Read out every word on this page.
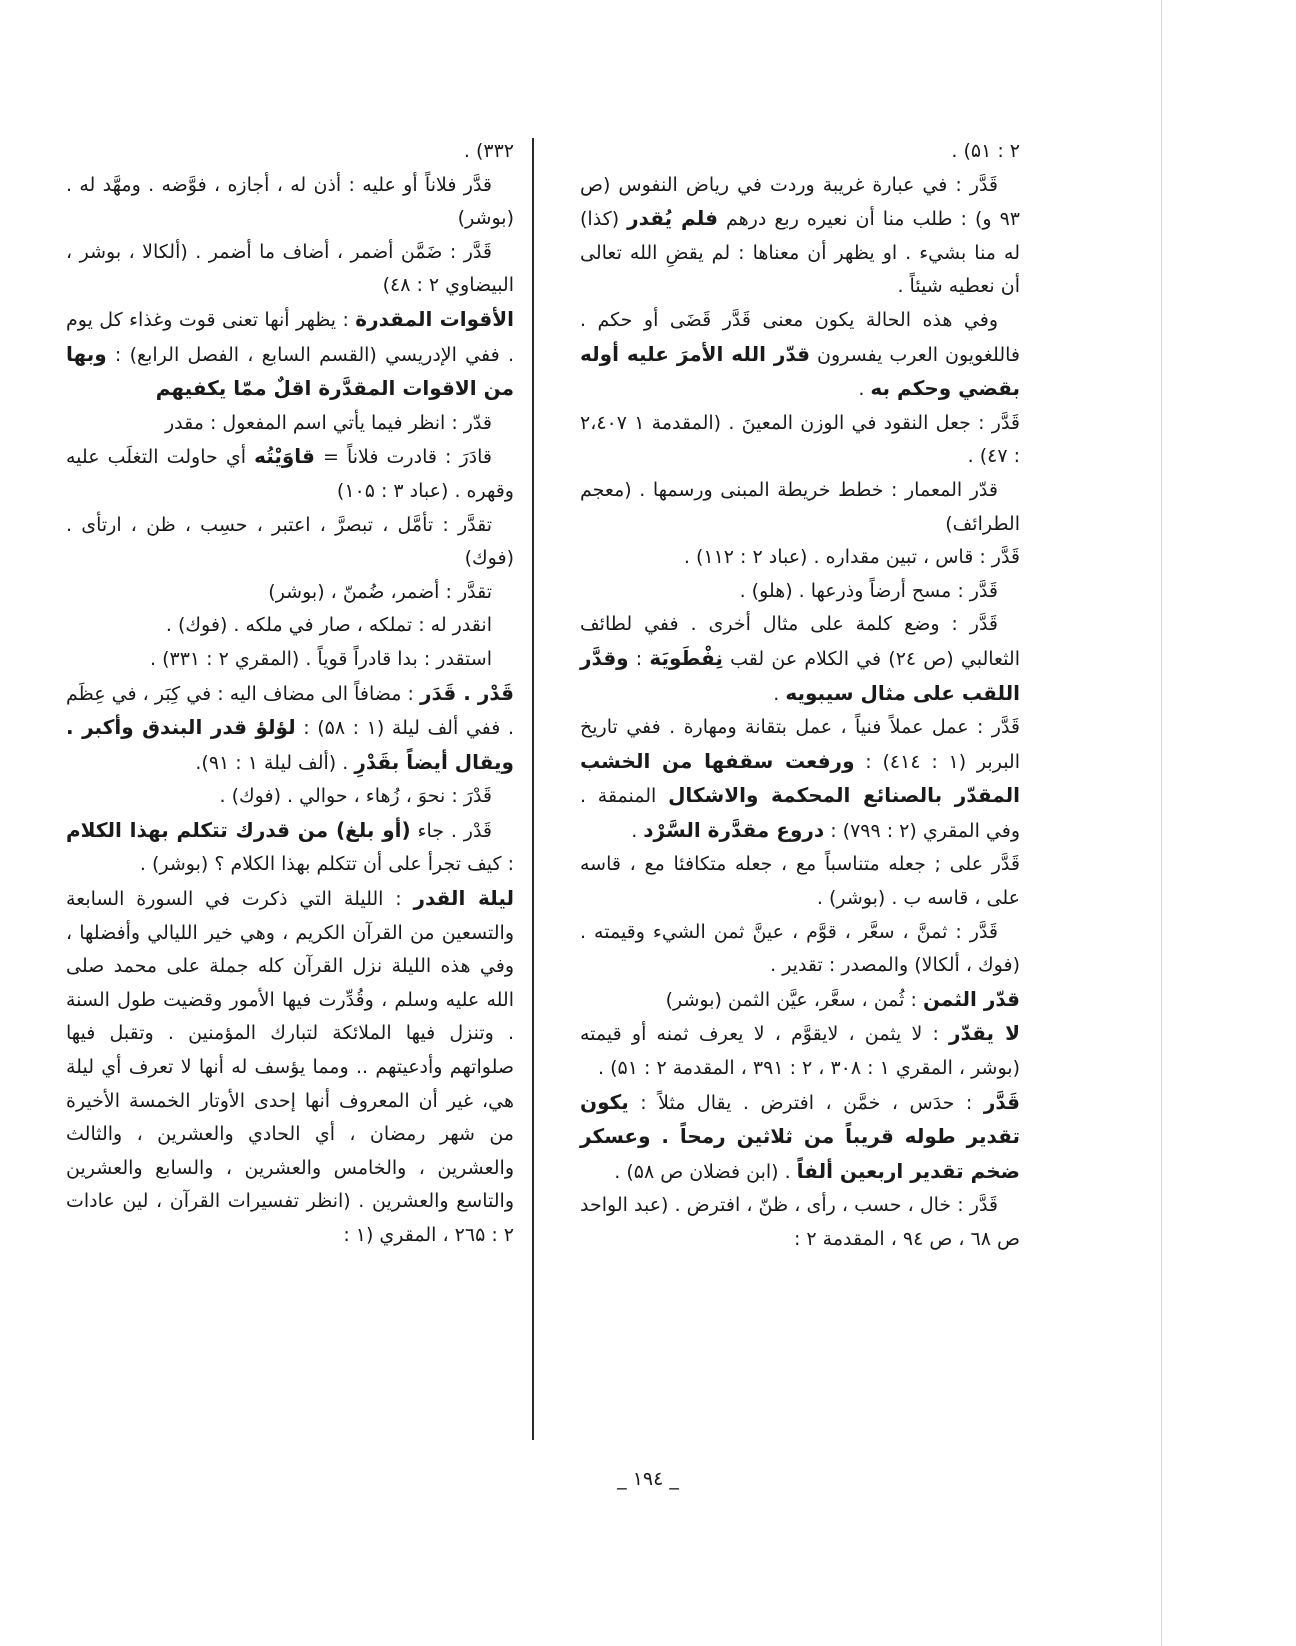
۲ : ۵۱) .

قَدَّر : في عبارة غريبة وردت في رياض النفوس (ص ۹۳ و) : طلب منا أن نعيره ربع درهم فلم يُقدر (كذا) له منا بشيء . او يظهر أن معناها : لم يقضِ الله تعالى أن نعطيه شيئاً .

وفي هذه الحالة يكون معنى قَدَّر قَضَى أو حكم . فاللغويون العرب يفسرون قدّر الله الأمرَ عليه أوله بقضي وحكم به .

قَدَّر : جعل النقود في الوزن المعينَ . (المقدمة ۱ ۲،٤۰۷ : ٤۷) .

قدّر المعمار : خطط خريطة المبنى ورسمها . (معجم الطرائف)

قَدَّر : قاس ، تبين مقداره . (عباد ۲ : ۱۱۲) .

قَدَّر : مسح أرضاً وذرعها . (هلو) .

قَدَّر : وضع كلمة على مثال أخرى . ففي لطائف الثعالبي (ص ۲٤) في الكلام عن لقب نِفْطَويَة : وقدَّر اللقب على مثال سيبويه .

قَدَّر : عمل عملاً فنياً ، عمل بتقانة ومهارة . ففي تاريخ البربر (۱ : ٤١٤) : ورفعت سقفها من الخشب المقدّر بالصنائع المحكمة والاشكال المنمقة . وفي المقري (۲ : ۷۹۹) : دروع مقدَّرة السَّرْد .

قَدَّر على ; جعله متناسباً مع ، جعله متكافئا مع ، قاسه على ، قاسه ب . (بوشر) .

قَدَّر : ثمنَّ ، سعَّر ، قوَّم ، عينَّ ثمن الشيء وقيمته . (فوك ، ألكالا) والمصدر : تقدير .

قدّر الثمن : ثُمن ، سعَّر، عيَّن الثمن (بوشر)

لا يقدّر : لا يثمن ، لايقوَّم ، لا يعرف ثمنه أو قيمته (بوشر ، المقري ۱ : ۳۰۸ ، ۲ : ۳۹۱ ، المقدمة ۲ : ۵۱) .

قَدَّر : حدَس ، خمَّن ، افترض . يقال مثلاً : يكون تقدير طوله قريباً من ثلاثين رمحاً . وعسكر ضخم تقدير اربعين ألفاً . (ابن فضلان ص ۵۸) .

قَدَّر : خال ، حسب ، رأى ، ظنّ ، افترض . (عبد الواحد ص ٦۸ ، ص ۹٤ ، المقدمة ۲ :

۳۳۲) .

قدَّر فلاناً أو عليه : أذن له ، أجازه ، فوَّضه . ومهَّد له . (بوشر)

قَدَّر : ضَمَّن أضمر ، أضاف ما أضمر . (ألكالا ، بوشر ، البيضاوي ۲ : ٤۸)

الأقوات المقدرة : يظهر أنها تعنى قوت وغذاء كل يوم . ففي الإدريسي (القسم السابع ، الفصل الرابع) : وبها من الاقوات المقدَّرة اقلٌ ممّا يكفيهم

قدّر : انظر فيما يأتي اسم المفعول : مقدر

قادَرَ : قادرت فلاناً = قاوَيْتُه أي حاولت التغلَب عليه وقهره . (عباد ۳ : ۱۰۵)

تقدَّر : تأمَّل ، تبصرَّ ، اعتبر ، حسِب ، ظن ، ارتأى . (فوك)

تقدَّر : أضمر، ضُمنّ ، (بوشر)

انقدر له : تملكه ، صار في ملكه . (فوك) .

استقدر : بدا قادراً قوياً . (المقري ۲ : ۳۳۱) .

قَدْر . قَدَر : مضافاً الى مضاف اليه : في كِبَر ، في عِظَم . ففي ألف ليلة (۱ : ۵۸) : لؤلؤ قدر البندق وأكبر . ويقال أيضاً بقَدْرِ . (ألف ليلة ۱ : ۹۱).

قَدْرَ : نحوَ ، زُهاء ، حوالي . (فوك) .

قَدْر . جاء (أو بلغ) من قدرك تتكلم بهذا الكلام : كيف تجرأ على أن تتكلم بهذا الكلام ؟ (بوشر) .

ليلة القدر : الليلة التي ذكرت في السورة السابعة والتسعين من القرآن الكريم ، وهي خير الليالي وأفضلها ، وفي هذه الليلة نزل القرآن كله جملة على محمد صلى الله عليه وسلم ، وقُدِّرت فيها الأمور وقضيت طول السنة . وتنزل فيها الملائكة لتبارك المؤمنين . وتقبل فيها صلواتهم وأدعيتهم .. ومما يؤسف له أنها لا تعرف أي ليلة هي، غير أن المعروف أنها إحدى الأوتار الخمسة الأخيرة من شهر رمضان ، أي الحادي والعشرين ، والثالث والعشرين ، والخامس والعشرين ، والسابع والعشرين والتاسع والعشرين . (انظر تفسيرات القرآن ، لين عادات ۲ : ۲٦۵ ، المقري (۱ :

_ ۱۹٤ _
